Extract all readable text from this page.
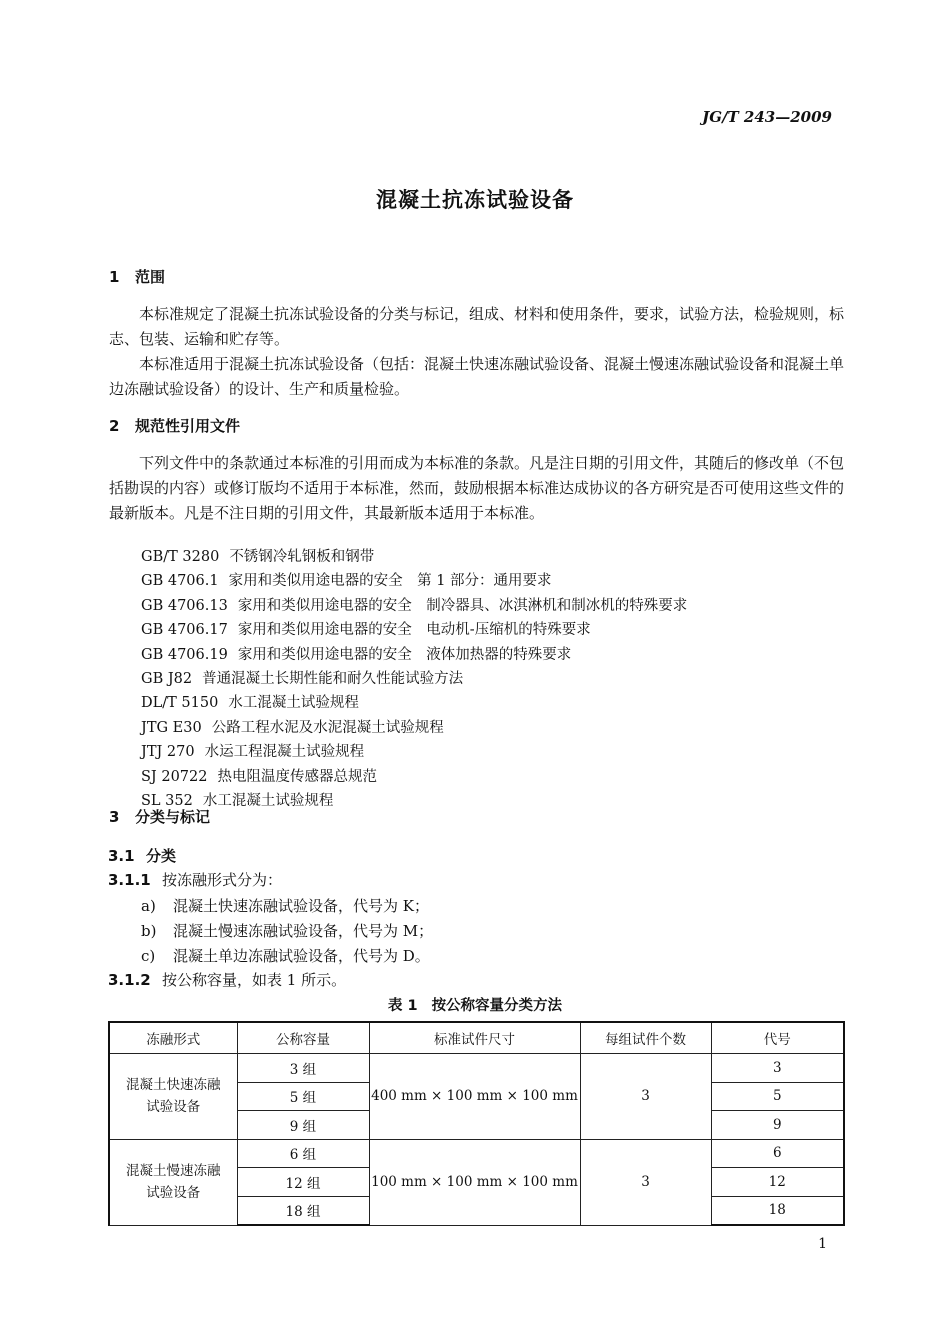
JG/T 243—2009
混凝土抗冻试验设备
1 范围
本标准规定了混凝土抗冻试验设备的分类与标记，组成、材料和使用条件，要求，试验方法，检验规则，标志、包装、运输和贮存等。
本标准适用于混凝土抗冻试验设备（包括：混凝土快速冻融试验设备、混凝土慢速冻融试验设备和混凝土单边冻融试验设备）的设计、生产和质量检验。
2 规范性引用文件
下列文件中的条款通过本标准的引用而成为本标准的条款。凡是注日期的引用文件，其随后的修改单（不包括勘误的内容）或修订版均不适用于本标准，然而，鼓励根据本标准达成协议的各方研究是否可使用这些文件的最新版本。凡是不注日期的引用文件，其最新版本适用于本标准。
GB/T 3280 不锈钢冷轧钢板和钢带
GB 4706.1 家用和类似用途电器的安全　第 1 部分：通用要求
GB 4706.13 家用和类似用途电器的安全　制冷器具、冰淇淋机和制冰机的特殊要求
GB 4706.17 家用和类似用途电器的安全　电动机-压缩机的特殊要求
GB 4706.19 家用和类似用途电器的安全　液体加热器的特殊要求
GB J82 普通混凝土长期性能和耐久性能试验方法
DL/T 5150 水工混凝土试验规程
JTG E30 公路工程水泥及水泥混凝土试验规程
JTJ 270 水运工程混凝土试验规程
SJ 20722 热电阻温度传感器总规范
SL 352 水工混凝土试验规程
3 分类与标记
3.1 分类
3.1.1 按冻融形式分为：
a) 混凝土快速冻融试验设备，代号为 K；
b) 混凝土慢速冻融试验设备，代号为 M；
c) 混凝土单边冻融试验设备，代号为 D。
3.1.2 按公称容量，如表 1 所示。
表 1 按公称容量分类方法
冻融形式	公称容量	标准试件尺寸	每组试件个数	代号

混凝土快速冻融
试验设备	3 组	400 mm × 100 mm × 100 mm	3	3
	5 组			5
	9 组			9

混凝土慢速冻融
试验设备	6 组	100 mm × 100 mm × 100 mm	3	6
	12 组			12
	18 组			18
1
